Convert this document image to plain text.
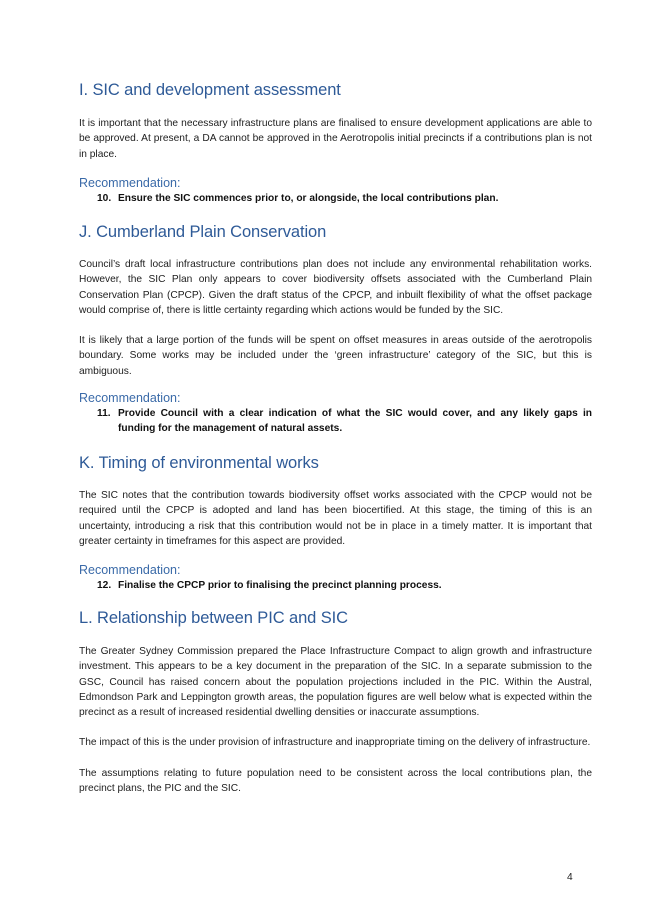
I. SIC and development assessment

It is important that the necessary infrastructure plans are finalised to ensure development applications are able to be approved. At present, a DA cannot be approved in the Aerotropolis initial precincts if a contributions plan is not in place.

Recommendation:
10. Ensure the SIC commences prior to, or alongside, the local contributions plan.
J. Cumberland Plain Conservation

Council’s draft local infrastructure contributions plan does not include any environmental rehabilitation works. However, the SIC Plan only appears to cover biodiversity offsets associated with the Cumberland Plain Conservation Plan (CPCP). Given the draft status of the CPCP, and inbuilt flexibility of what the offset package would comprise of, there is little certainty regarding which actions would be funded by the SIC.

It is likely that a large portion of the funds will be spent on offset measures in areas outside of the aerotropolis boundary. Some works may be included under the ‘green infrastructure’ category of the SIC, but this is ambiguous.

Recommendation:
11. Provide Council with a clear indication of what the SIC would cover, and any likely gaps in funding for the management of natural assets.
K. Timing of environmental works

The SIC notes that the contribution towards biodiversity offset works associated with the CPCP would not be required until the CPCP is adopted and land has been biocertified. At this stage, the timing of this is an uncertainty, introducing a risk that this contribution would not be in place in a timely matter. It is important that greater certainty in timeframes for this aspect are provided.

Recommendation:
12. Finalise the CPCP prior to finalising the precinct planning process.
L. Relationship between PIC and SIC

The Greater Sydney Commission prepared the Place Infrastructure Compact to align growth and infrastructure investment. This appears to be a key document in the preparation of the SIC. In a separate submission to the GSC, Council has raised concern about the population projections included in the PIC. Within the Austral, Edmondson Park and Leppington growth areas, the population figures are well below what is expected within the precinct as a result of increased residential dwelling densities or inaccurate assumptions.

The impact of this is the under provision of infrastructure and inappropriate timing on the delivery of infrastructure.

The assumptions relating to future population need to be consistent across the local contributions plan, the precinct plans, the PIC and the SIC.

4
